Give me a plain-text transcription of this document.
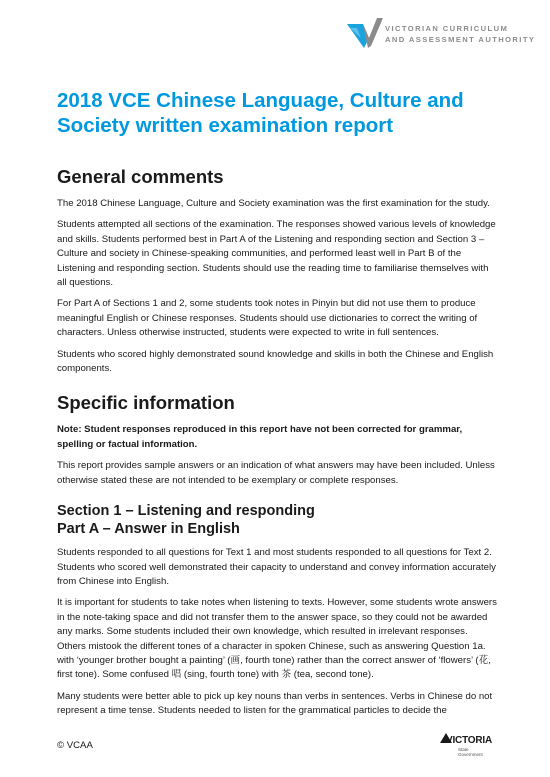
VICTORIAN CURRICULUM
AND ASSESSMENT AUTHORITY
2018 VCE Chinese Language, Culture and Society written examination report
General comments

The 2018 Chinese Language, Culture and Society examination was the first examination for the study.

Students attempted all sections of the examination. The responses showed various levels of knowledge and skills. Students performed best in Part A of the Listening and responding section and Section 3 – Culture and society in Chinese-speaking communities, and performed least well in Part B of the Listening and responding section. Students should use the reading time to familiarise themselves with all questions.

For Part A of Sections 1 and 2, some students took notes in Pinyin but did not use them to produce meaningful English or Chinese responses. Students should use dictionaries to correct the writing of characters. Unless otherwise instructed, students were expected to write in full sentences.

Students who scored highly demonstrated sound knowledge and skills in both the Chinese and English components.

Specific information

Note: Student responses reproduced in this report have not been corrected for grammar, spelling or factual information.

This report provides sample answers or an indication of what answers may have been included. Unless otherwise stated these are not intended to be exemplary or complete responses.

Section 1 – Listening and responding
Part A – Answer in English

Students responded to all questions for Text 1 and most students responded to all questions for Text 2. Students who scored well demonstrated their capacity to understand and convey information accurately from Chinese into English.

It is important for students to take notes when listening to texts. However, some students wrote answers in the note-taking space and did not transfer them to the answer space, so they could not be awarded any marks. Some students included their own knowledge, which resulted in irrelevant responses. Others mistook the different tones of a character in spoken Chinese, such as answering Question 1a. with ‘younger brother bought a painting’ (画, fourth tone) rather than the correct answer of ‘flowers’ (花, first tone). Some confused 唱 (sing, fourth tone) with 茶 (tea, second tone).

Many students were better able to pick up key nouns than verbs in sentences. Verbs in Chinese do not represent a time tense. Students needed to listen for the grammatical particles to decide the

© VCAA	VICTORIA
State
Government
